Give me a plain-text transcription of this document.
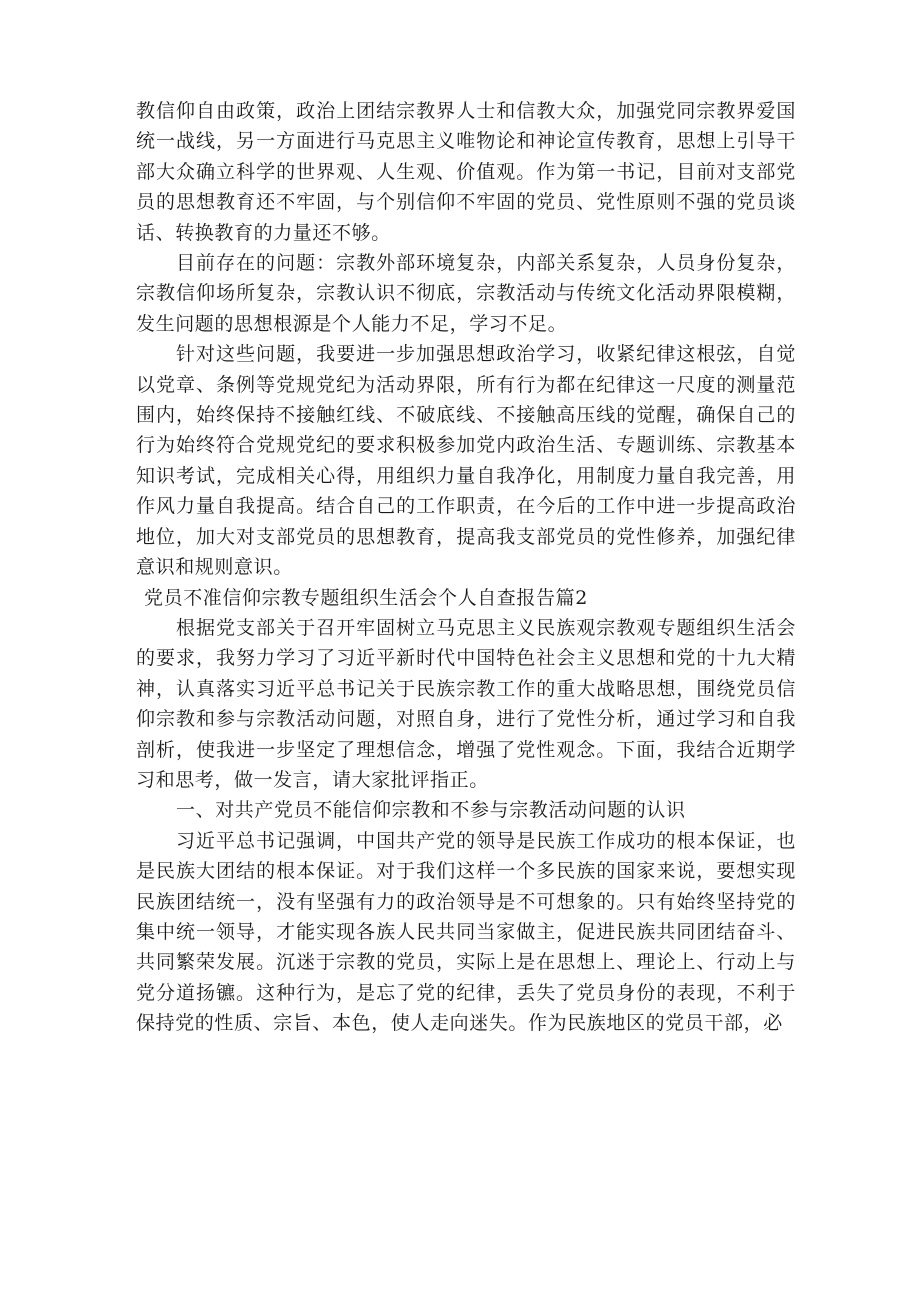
教信仰自由政策，政治上团结宗教界人士和信教大众，加强党同宗教界爱国统一战线，另一方面进行马克思主义唯物论和神论宣传教育，思想上引导干部大众确立科学的世界观、人生观、价值观。作为第一书记，目前对支部党员的思想教育还不牢固，与个别信仰不牢固的党员、党性原则不强的党员谈话、转换教育的力量还不够。

目前存在的问题：宗教外部环境复杂，内部关系复杂，人员身份复杂，宗教信仰场所复杂，宗教认识不彻底，宗教活动与传统文化活动界限模糊，发生问题的思想根源是个人能力不足，学习不足。

针对这些问题，我要进一步加强思想政治学习，收紧纪律这根弦，自觉以党章、条例等党规党纪为活动界限，所有行为都在纪律这一尺度的测量范围内，始终保持不接触红线、不破底线、不接触高压线的觉醒，确保自己的行为始终符合党规党纪的要求积极参加党内政治生活、专题训练、宗教基本知识考试，完成相关心得，用组织力量自我净化，用制度力量自我完善，用作风力量自我提高。结合自己的工作职责，在今后的工作中进一步提高政治地位，加大对支部党员的思想教育，提高我支部党员的党性修养，加强纪律意识和规则意识。

党员不准信仰宗教专题组织生活会个人自查报告篇2

根据党支部关于召开牢固树立马克思主义民族观宗教观专题组织生活会的要求，我努力学习了习近平新时代中国特色社会主义思想和党的十九大精神，认真落实习近平总书记关于民族宗教工作的重大战略思想，围绕党员信仰宗教和参与宗教活动问题，对照自身，进行了党性分析，通过学习和自我剖析，使我进一步坚定了理想信念，增强了党性观念。下面，我结合近期学习和思考，做一发言，请大家批评指正。

一、对共产党员不能信仰宗教和不参与宗教活动问题的认识

习近平总书记强调，中国共产党的领导是民族工作成功的根本保证，也是民族大团结的根本保证。对于我们这样一个多民族的国家来说，要想实现民族团结统一，没有坚强有力的政治领导是不可想象的。只有始终坚持党的集中统一领导，才能实现各族人民共同当家做主，促进民族共同团结奋斗、共同繁荣发展。沉迷于宗教的党员，实际上是在思想上、理论上、行动上与党分道扬镳。这种行为，是忘了党的纪律，丢失了党员身份的表现，不利于保持党的性质、宗旨、本色，使人走向迷失。作为民族地区的党员干部，必
